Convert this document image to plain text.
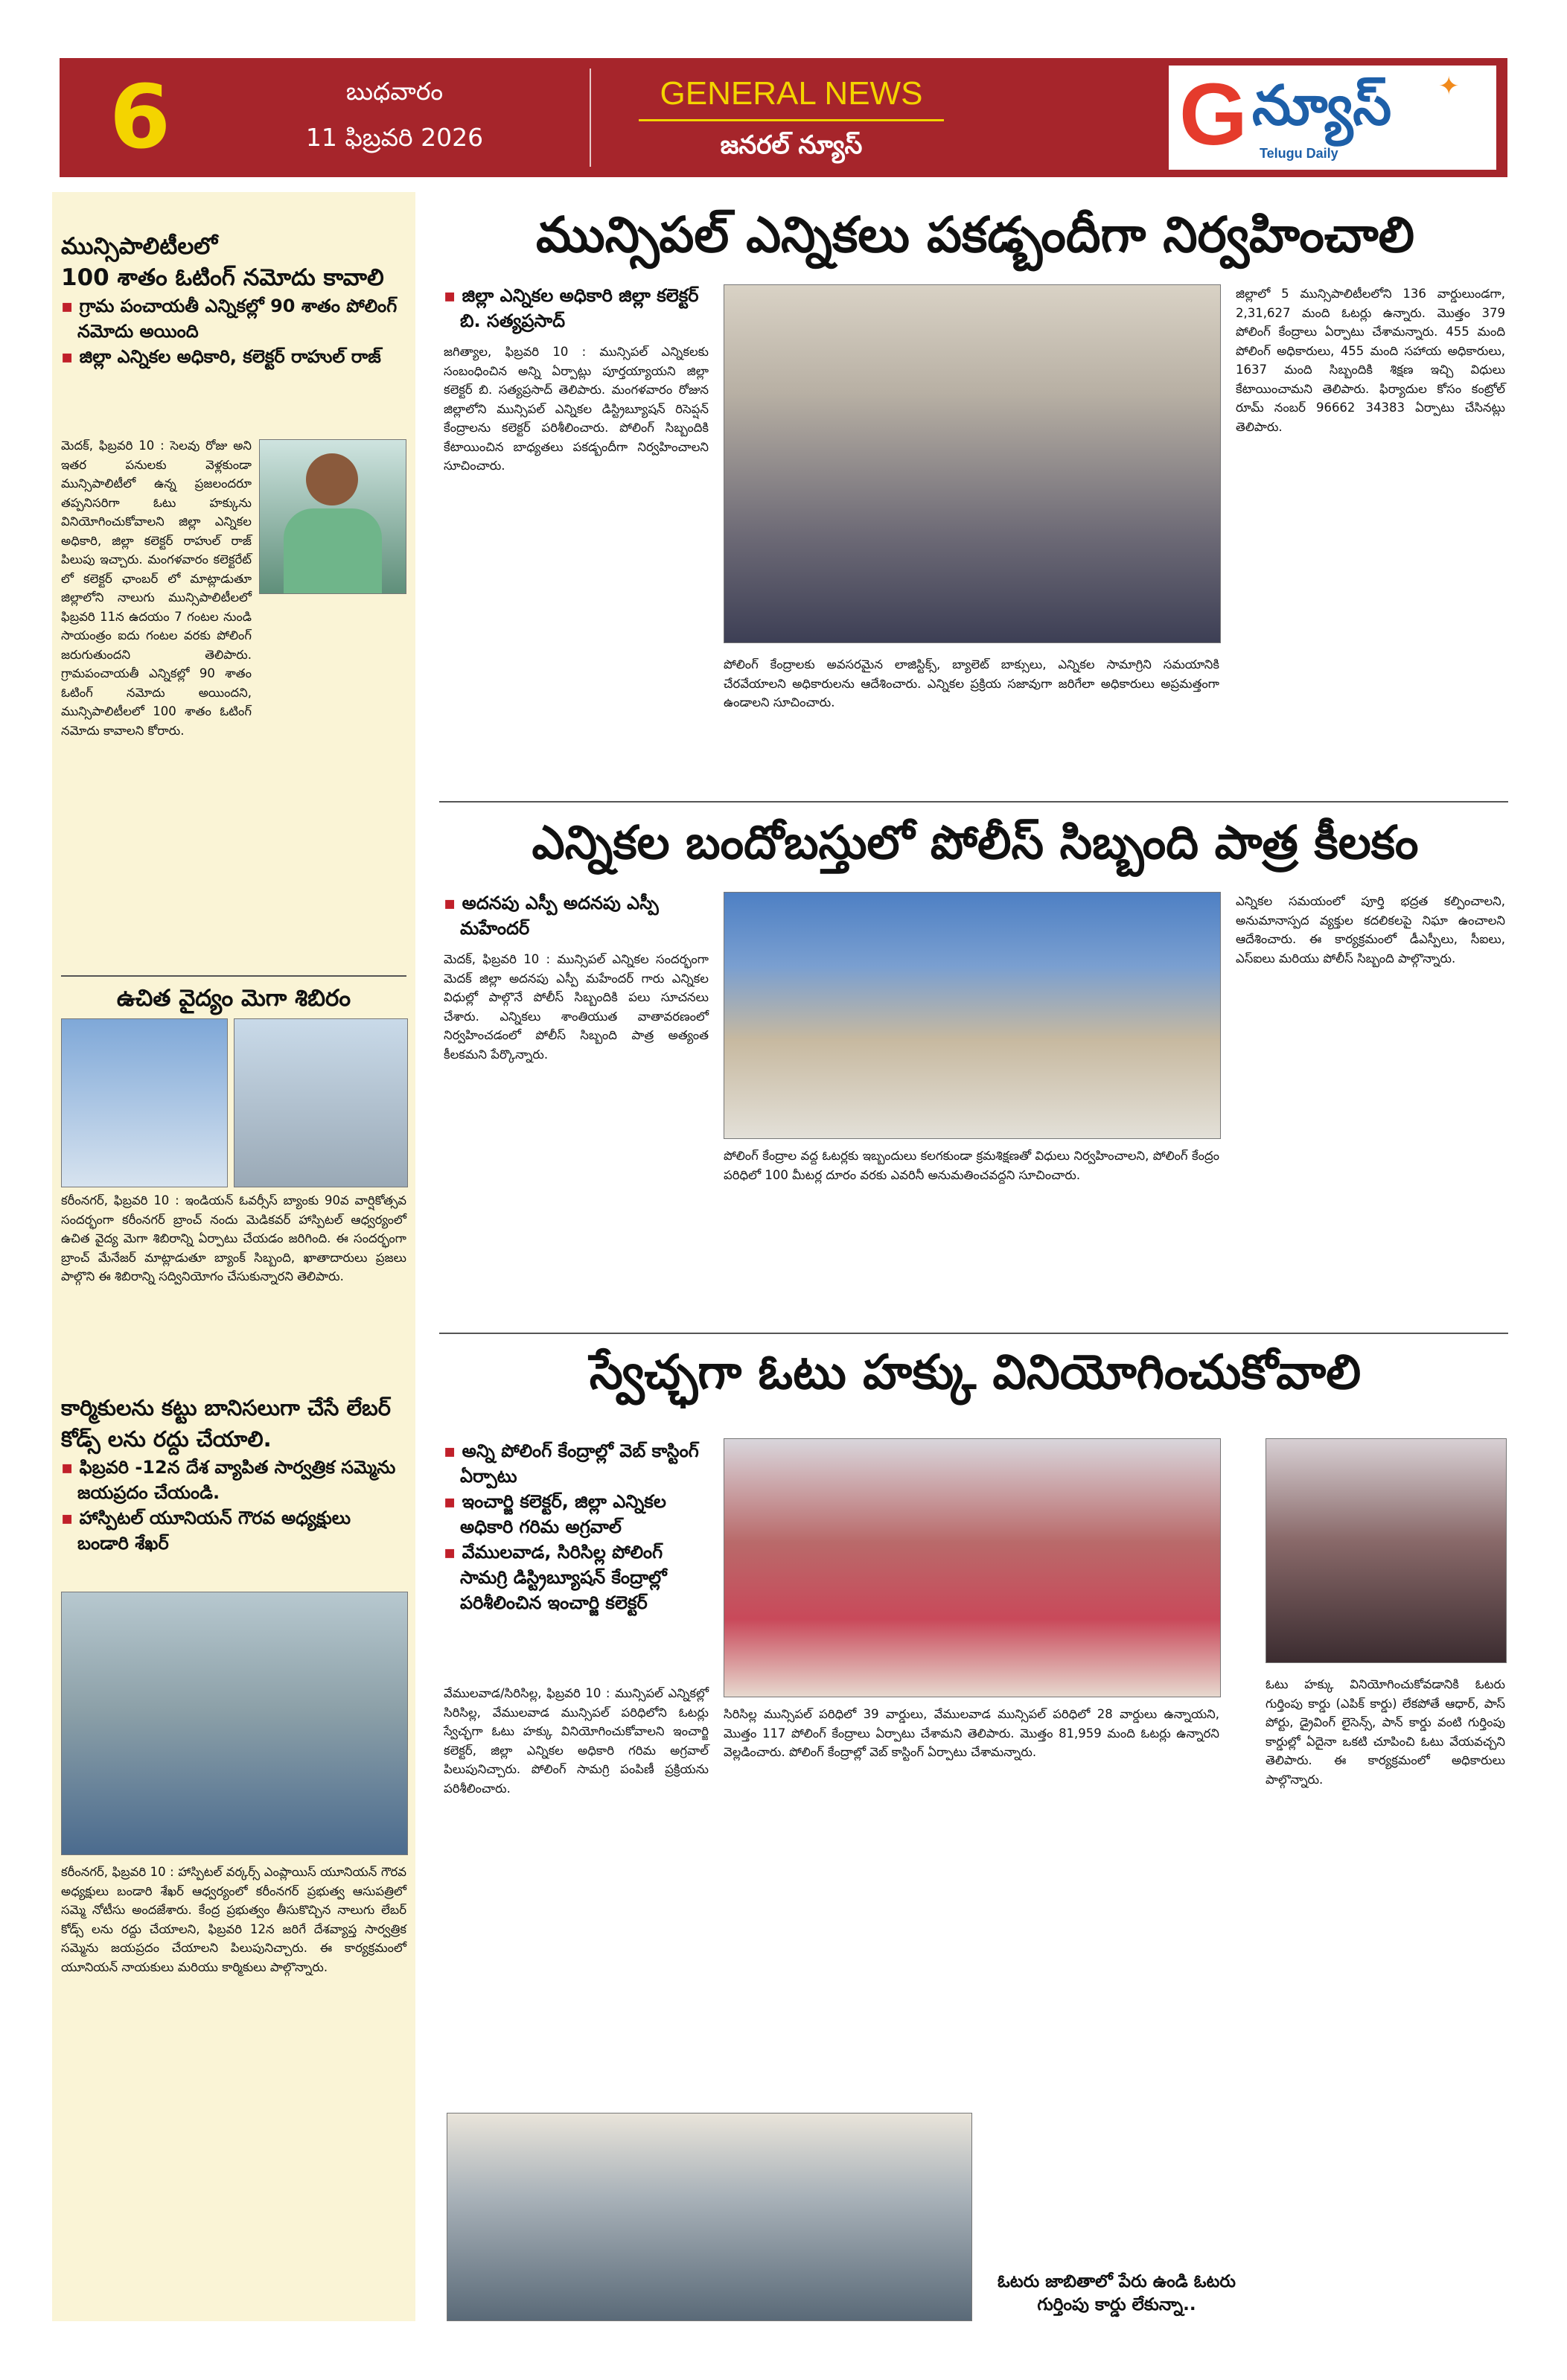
6	బుధవారం
11 ఫిబ్రవరి 2026
GENERAL NEWS
జనరల్ న్యూస్	G న్యూస్ ✦
Telugu Daily
మున్సిపాలిటీలలో
100 శాతం ఓటింగ్ నమోదు కావాలి
▪ గ్రామ పంచాయతీ ఎన్నికల్లో 90 శాతం పోలింగ్ నమోదు అయింది
▪ జిల్లా ఎన్నికల అధికారి, కలెక్టర్ రాహుల్ రాజ్
మెదక్, ఫిబ్రవరి 10 : సెలవు రోజు అని ఇతర పనులకు వెళ్లకుండా మున్సిపాలిటీలో ఉన్న ప్రజలందరూ తప్పనిసరిగా ఓటు హక్కును వినియోగించుకోవాలని జిల్లా ఎన్నికల అధికారి, జిల్లా కలెక్టర్ రాహుల్ రాజ్ పిలుపు ఇచ్చారు. మంగళవారం కలెక్టరేట్ లో కలెక్టర్ ఛాంబర్ లో మాట్లాడుతూ జిల్లాలోని నాలుగు మున్సిపాలిటీలలో ఫిబ్రవరి 11న ఉదయం 7 గంటల నుండి సాయంత్రం ఐదు గంటల వరకు పోలింగ్ జరుగుతుందని తెలిపారు. గ్రామపంచాయతీ ఎన్నికల్లో 90 శాతం ఓటింగ్ నమోదు అయిందని, మున్సిపాలిటీలలో 100 శాతం ఓటింగ్ నమోదు కావాలని కోరారు.
ఉచిత వైద్యం మెగా శిబిరం
కరీంనగర్, ఫిబ్రవరి 10 : ఇండియన్ ఓవర్సీస్ బ్యాంకు 90వ వార్షికోత్సవ సందర్భంగా కరీంనగర్ బ్రాంచ్ నందు మెడికవర్ హాస్పిటల్ ఆధ్వర్యంలో ఉచిత వైద్య మెగా శిబిరాన్ని ఏర్పాటు చేయడం జరిగింది. ఈ సందర్భంగా బ్రాంచ్ మేనేజర్ మాట్లాడుతూ బ్యాంక్ సిబ్బంది, ఖాతాదారులు ప్రజలు పాల్గొని ఈ శిబిరాన్ని సద్వినియోగం చేసుకున్నారని తెలిపారు.
కార్మికులను కట్టు బానిసలుగా చేసే లేబర్ కోడ్స్ లను రద్దు చేయాలి.
▪ ఫిబ్రవరి -12న దేశ వ్యాపిత సార్వత్రిక సమ్మెను జయప్రదం చేయండి.
▪ హాస్పిటల్ యూనియన్ గౌరవ అధ్యక్షులు బండారి శేఖర్
కరీంనగర్, ఫిబ్రవరి 10 : హాస్పిటల్ వర్కర్స్ ఎంప్లాయిస్ యూనియన్ గౌరవ అధ్యక్షులు బండారి శేఖర్ ఆధ్వర్యంలో కరీంనగర్ ప్రభుత్వ ఆసుపత్రిలో సమ్మె నోటీసు అందజేశారు. కేంద్ర ప్రభుత్వం తీసుకొచ్చిన నాలుగు లేబర్ కోడ్స్ లను రద్దు చేయాలని, ఫిబ్రవరి 12న జరిగే దేశవ్యాప్త సార్వత్రిక సమ్మెను జయప్రదం చేయాలని పిలుపునిచ్చారు. ఈ కార్యక్రమంలో యూనియన్ నాయకులు మరియు కార్మికులు పాల్గొన్నారు.
మున్సిపల్ ఎన్నికలు పకడ్బందీగా నిర్వహించాలి
▪ జిల్లా ఎన్నికల అధికారి జిల్లా కలెక్టర్ బి. సత్యప్రసాద్
జగిత్యాల, ఫిబ్రవరి 10 : మున్సిపల్ ఎన్నికలకు సంబంధించిన అన్ని ఏర్పాట్లు పూర్తయ్యాయని జిల్లా కలెక్టర్ బి. సత్యప్రసాద్ తెలిపారు. మంగళవారం రోజున జిల్లాలోని మున్సిపల్ ఎన్నికల డిస్ట్రిబ్యూషన్ రిసెప్షన్ కేంద్రాలను కలెక్టర్ పరిశీలించారు. పోలింగ్ సిబ్బందికి కేటాయించిన బాధ్యతలు పకడ్బందీగా నిర్వహించాలని సూచించారు.
పోలింగ్ కేంద్రాలకు అవసరమైన లాజిస్టిక్స్, బ్యాలెట్ బాక్సులు, ఎన్నికల సామాగ్రిని సమయానికి చేరవేయాలని అధికారులను ఆదేశించారు. ఎన్నికల ప్రక్రియ సజావుగా జరిగేలా అధికారులు అప్రమత్తంగా ఉండాలని సూచించారు.
జిల్లాలో 5 మున్సిపాలిటీలలోని 136 వార్డులుండగా, 2,31,627 మంది ఓటర్లు ఉన్నారు. మొత్తం 379 పోలింగ్ కేంద్రాలు ఏర్పాటు చేశామన్నారు. 455 మంది పోలింగ్ అధికారులు, 455 మంది సహాయ అధికారులు, 1637 మంది సిబ్బందికి శిక్షణ ఇచ్చి విధులు కేటాయించామని తెలిపారు. ఫిర్యాదుల కోసం కంట్రోల్ రూమ్ నంబర్ 96662 34383 ఏర్పాటు చేసినట్లు తెలిపారు.
ఎన్నికల బందోబస్తులో పోలీస్ సిబ్బంది పాత్ర కీలకం
▪ అదనపు ఎస్పీ అదనపు ఎస్పీ మహేందర్
మెదక్, ఫిబ్రవరి 10 : మున్సిపల్ ఎన్నికల సందర్భంగా మెదక్ జిల్లా అదనపు ఎస్పీ మహేందర్ గారు ఎన్నికల విధుల్లో పాల్గొనే పోలీస్ సిబ్బందికి పలు సూచనలు చేశారు. ఎన్నికలు శాంతియుత వాతావరణంలో నిర్వహించడంలో పోలీస్ సిబ్బంది పాత్ర అత్యంత కీలకమని పేర్కొన్నారు.
పోలింగ్ కేంద్రాల వద్ద ఓటర్లకు ఇబ్బందులు కలగకుండా క్రమశిక్షణతో విధులు నిర్వహించాలని, పోలింగ్ కేంద్రం పరిధిలో 100 మీటర్ల దూరం వరకు ఎవరినీ అనుమతించవద్దని సూచించారు.
ఎన్నికల సమయంలో పూర్తి భద్రత కల్పించాలని, అనుమానాస్పద వ్యక్తుల కదలికలపై నిఘా ఉంచాలని ఆదేశించారు. ఈ కార్యక్రమంలో డీఎస్పీలు, సీఐలు, ఎస్ఐలు మరియు పోలీస్ సిబ్బంది పాల్గొన్నారు.
స్వేచ్ఛగా ఓటు హక్కు వినియోగించుకోవాలి
▪ అన్ని పోలింగ్ కేంద్రాల్లో వెబ్ కాస్టింగ్ ఏర్పాటు
▪ ఇంచార్జి కలెక్టర్, జిల్లా ఎన్నికల అధికారి గరిమ అగ్రవాల్
▪ వేములవాడ, సిరిసిల్ల పోలింగ్ సామగ్రి డిస్ట్రిబ్యూషన్ కేంద్రాల్లో పరిశీలించిన ఇంచార్జి కలెక్టర్
వేములవాడ/సిరిసిల్ల, ఫిబ్రవరి 10 : మున్సిపల్ ఎన్నికల్లో సిరిసిల్ల, వేములవాడ మున్సిపల్ పరిధిలోని ఓటర్లు స్వేచ్ఛగా ఓటు హక్కు వినియోగించుకోవాలని ఇంచార్జి కలెక్టర్, జిల్లా ఎన్నికల అధికారి గరిమ అగ్రవాల్ పిలుపునిచ్చారు. పోలింగ్ సామగ్రి పంపిణీ ప్రక్రియను పరిశీలించారు.
సిరిసిల్ల మున్సిపల్ పరిధిలో 39 వార్డులు, వేములవాడ మున్సిపల్ పరిధిలో 28 వార్డులు ఉన్నాయని, మొత్తం 117 పోలింగ్ కేంద్రాలు ఏర్పాటు చేశామని తెలిపారు. మొత్తం 81,959 మంది ఓటర్లు ఉన్నారని వెల్లడించారు. పోలింగ్ కేంద్రాల్లో వెబ్ కాస్టింగ్ ఏర్పాటు చేశామన్నారు.
ఓటు హక్కు వినియోగించుకోవడానికి ఓటరు గుర్తింపు కార్డు (ఎపిక్ కార్డు) లేకపోతే ఆధార్, పాస్ పోర్టు, డ్రైవింగ్ లైసెన్స్, పాన్ కార్డు వంటి గుర్తింపు కార్డుల్లో ఏదైనా ఒకటి చూపించి ఓటు వేయవచ్చని తెలిపారు. ఈ కార్యక్రమంలో అధికారులు పాల్గొన్నారు.
ఓటరు జాబితాలో పేరు ఉండి ఓటరు గుర్తింపు కార్డు లేకున్నా..
